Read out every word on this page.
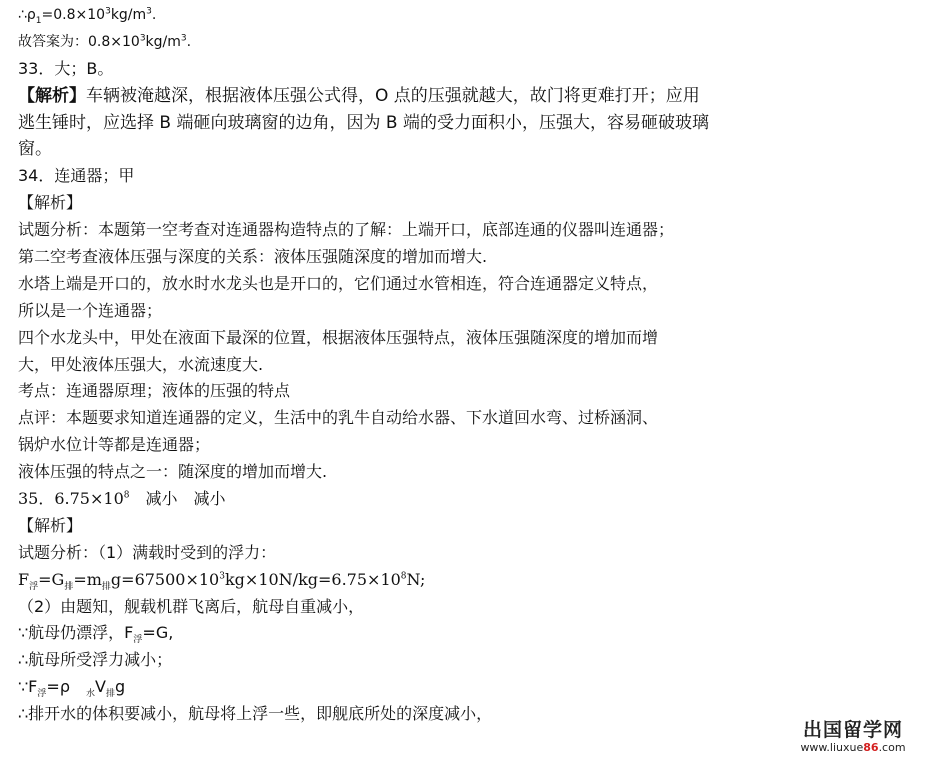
$\therefore\rho_1=0.8\times 10^3kg/m^3$.
故答案为：$0.8\times 10^3kg/m^3$.
33．大；B。
【解析】车辆被淹越深，根据液体压强公式得，O 点的压强就越大，故门将更难打开；应用
逃生锤时，应选择 B 端砸向玻璃窗的边角，因为 B 端的受力面积小，压强大，容易砸破玻璃
窗。
34．连通器；甲
【解析】
试题分析：本题第一空考查对连通器构造特点的了解：上端开口，底部连通的仪器叫连通器；
第二空考查液体压强与深度的关系：液体压强随深度的增加而增大.
水塔上端是开口的，放水时水龙头也是开口的，它们通过水管相连，符合连通器定义特点，
所以是一个连通器；
四个水龙头中，甲处在液面下最深的位置，根据液体压强特点，液体压强随深度的增加而增
大，甲处液体压强大，水流速度大.
考点：连通器原理；液体的压强的特点
点评：本题要求知道连通器的定义，生活中的乳牛自动给水器、下水道回水弯、过桥涵洞、
锅炉水位计等都是连通器；
液体压强的特点之一：随深度的增加而增大.
35．$6.75\times 10^8$　减小　减小
【解析】
试题分析：（1）满载时受到的浮力：
$F_浮=G_排=m_排g=67500\times 10^3kg\times 10N/kg=6.75\times 10^8N$;
（2）由题知，舰载机群飞离后，航母自重减小，
∵航母仍漂浮，$F_浮=G$,
∴航母所受浮力减小；
$\because F_浮=\rho$　$_水V_排g$
∴排开水的体积要减小，航母将上浮一些，即舰底所处的深度减小，
出国留学网
www.liuxue86.com
